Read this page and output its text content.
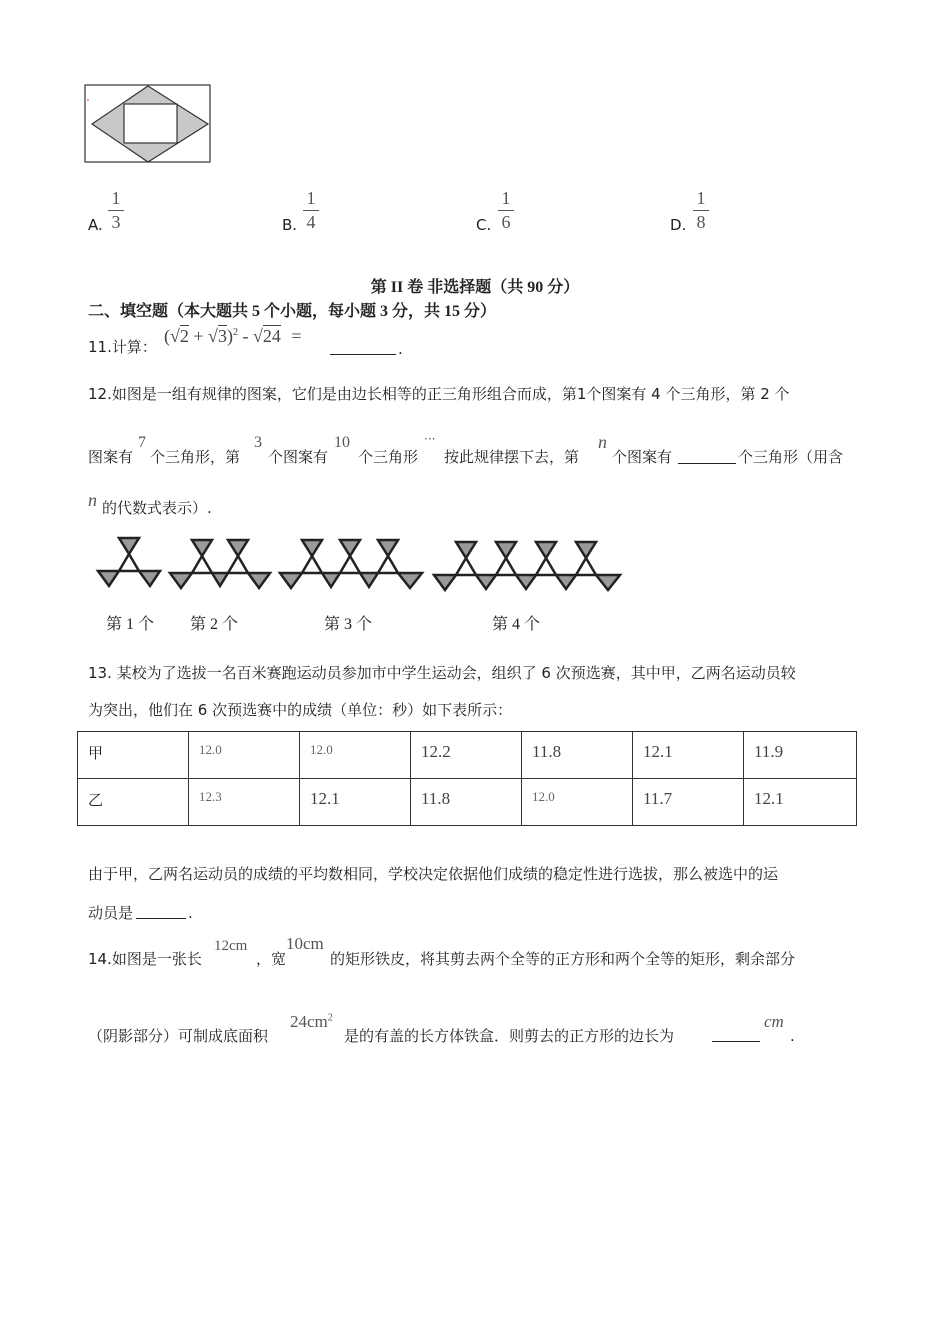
A.
1
3	B.
1
4	C.
1
6	D.
1
8
第 II 卷 非选择题（共 90 分）
二、填空题（本大题共 5 个小题，每小题 3 分，共 15 分）
11.计算：
$(√2 + √3)^2 - √24$ =
.
12.如图是一组有规律的图案，它们是由边长相等的正三角形组合而成，第1个图案有 4 个三角形，第 2 个
图案有
7
个三角形，第
3
个图案有
10
个三角形
···
按此规律摆下去，第
n
个图案有	个三角形（用含
n 的代数式表示）.
第 1 个 第 2 个	第 3 个	第 4 个
13. 某校为了选拔一名百米赛跑运动员参加市中学生运动会，组织了 6 次预选赛，其中甲，乙两名运动员较
为突出，他们在 6 次预选赛中的成绩（单位：秒）如下表所示：
甲	12.0	12.0	12.2	11.8	12.1	11.9
乙	12.3	12.1	11.8	12.0	11.7	12.1
由于甲，乙两名运动员的成绩的平均数相同，学校决定依据他们成绩的稳定性进行选拔，那么被选中的运
动员是	.
14.如图是一张长
12cm
，宽
10cm
的矩形铁皮，将其剪去两个全等的正方形和两个全等的矩形，剩余部分
（阴影部分）可制成底面积
$24cm^2$
是的有盖的长方体铁盒．则剪去的正方形的边长为
cm
.
